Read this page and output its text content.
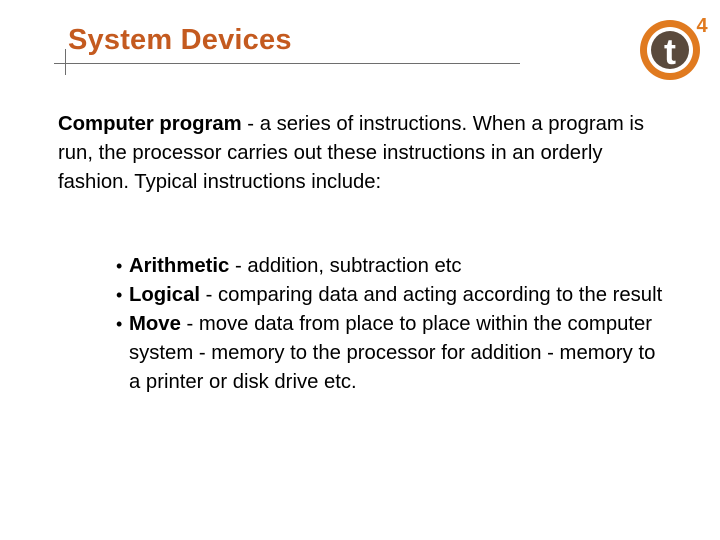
System Devices	t
4
Computer program - a series of instructions. When a program is run, the processor carries out these instructions in an orderly fashion. Typical instructions include:
• Arithmetic - addition, subtraction etc
• Logical - comparing data and acting according to the result
• Move - move data from place to place within the computer system - memory to the processor for addition - memory to a printer or disk drive etc.
